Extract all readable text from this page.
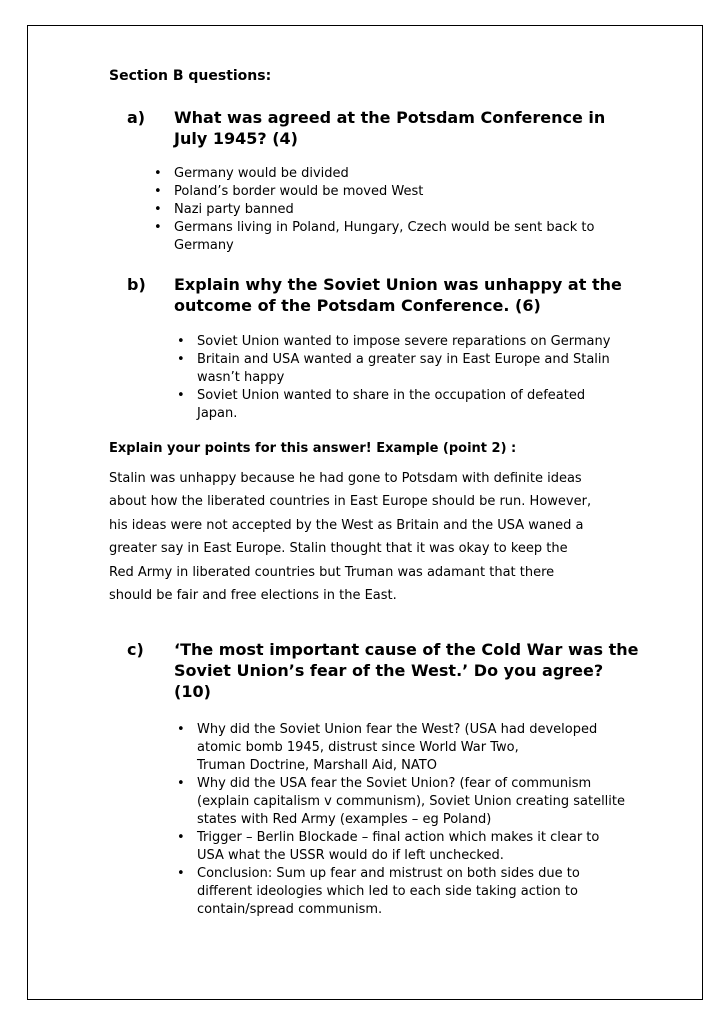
Section B questions:
a) What was agreed at the Potsdam Conference in
July 1945? (4)
• Germany would be divided
• Poland’s border would be moved West
• Nazi party banned
• Germans living in Poland, Hungary, Czech would be sent back to
Germany
b) Explain why the Soviet Union was unhappy at the
outcome of the Potsdam Conference. (6)
• Soviet Union wanted to impose severe reparations on Germany
• Britain and USA wanted a greater say in East Europe and Stalin
wasn’t happy
• Soviet Union wanted to share in the occupation of defeated
Japan.
Explain your points for this answer! Example (point 2) :
Stalin was unhappy because he had gone to Potsdam with definite ideas
about how the liberated countries in East Europe should be run. However,
his ideas were not accepted by the West as Britain and the USA waned a
greater say in East Europe. Stalin thought that it was okay to keep the
Red Army in liberated countries but Truman was adamant that there
should be fair and free elections in the East.
c) ‘The most important cause of the Cold War was the
Soviet Union’s fear of the West.’ Do you agree?
(10)
• Why did the Soviet Union fear the West? (USA had developed
atomic bomb 1945, distrust since World War Two,
Truman Doctrine, Marshall Aid, NATO
• Why did the USA fear the Soviet Union? (fear of communism
(explain capitalism v communism), Soviet Union creating satellite
states with Red Army (examples – eg Poland)
• Trigger – Berlin Blockade – final action which makes it clear to
USA what the USSR would do if left unchecked.
• Conclusion: Sum up fear and mistrust on both sides due to
different ideologies which led to each side taking action to
contain/spread communism.
